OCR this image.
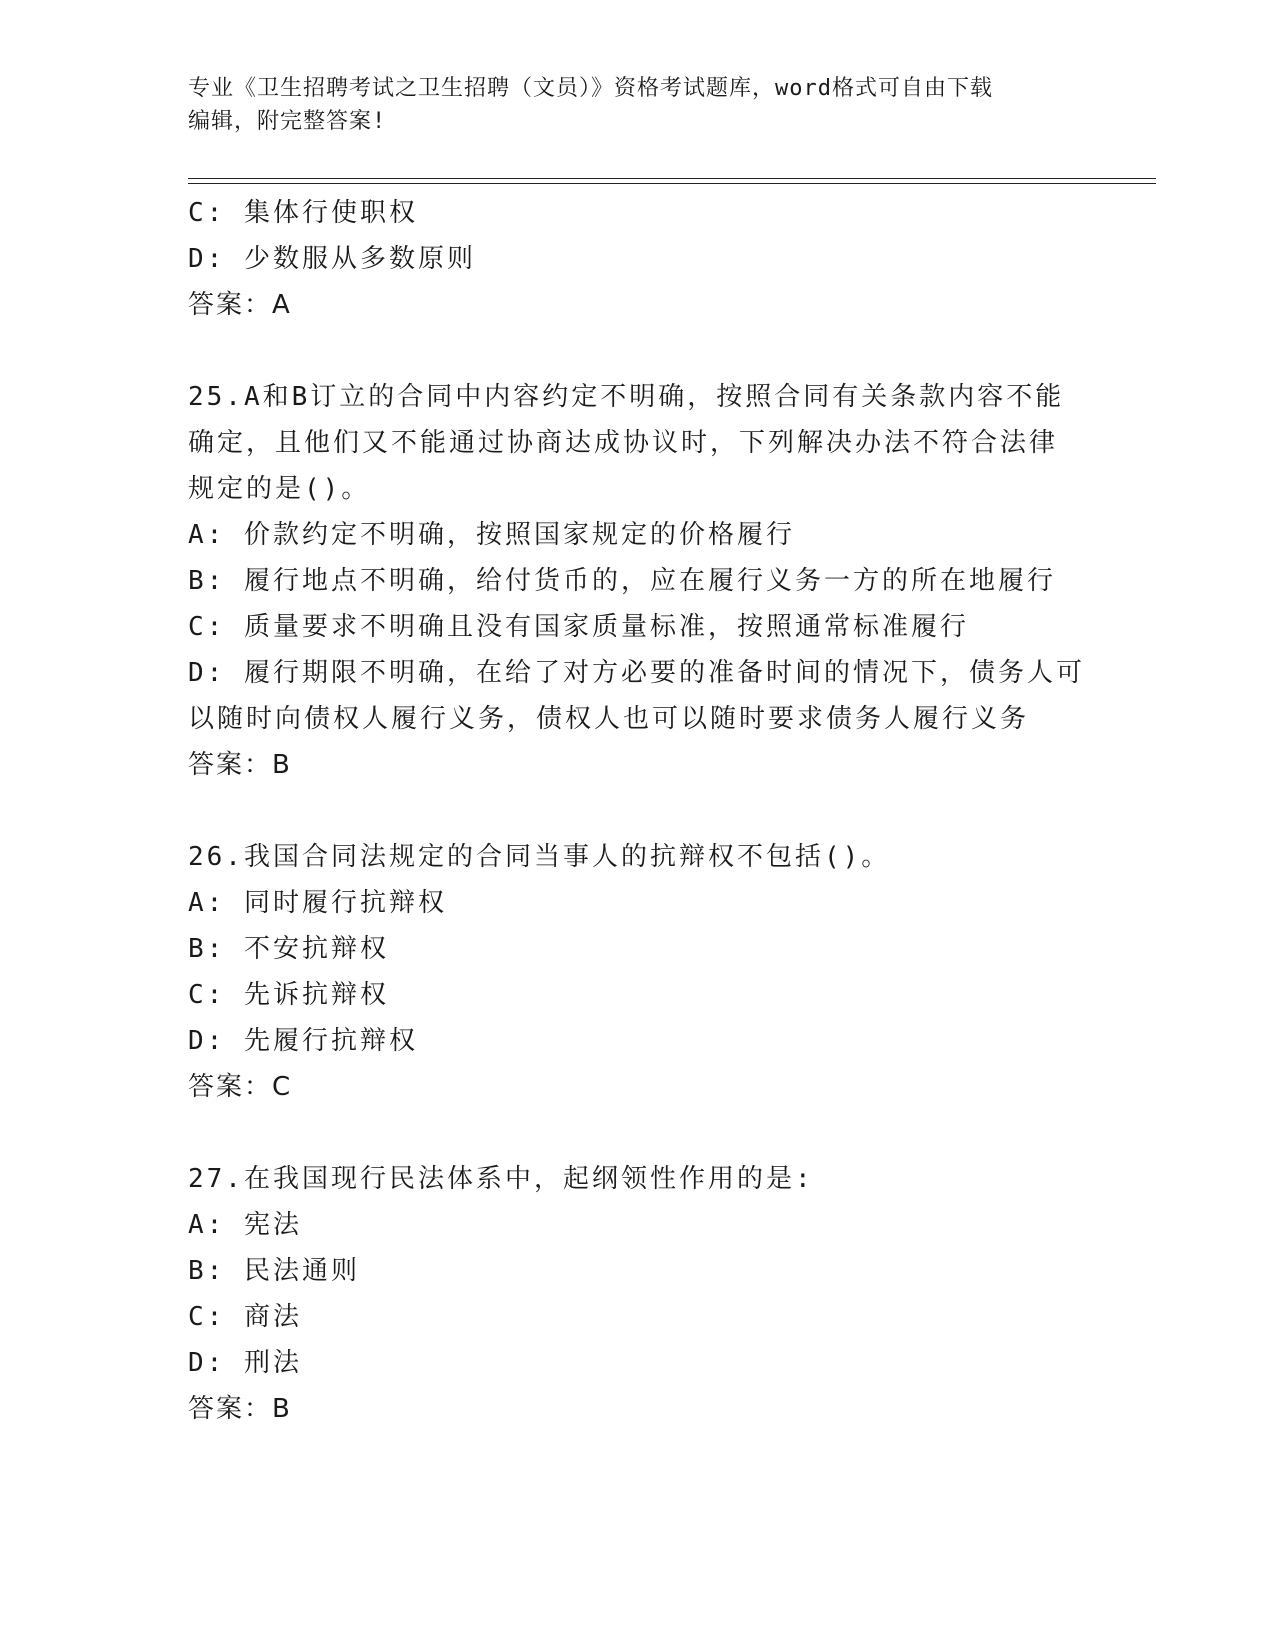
专业《卫生招聘考试之卫生招聘（文员）》资格考试题库，word格式可自由下载
编辑，附完整答案!
C: 集体行使职权
D: 少数服从多数原则
答案：A
25.A和B订立的合同中内容约定不明确，按照合同有关条款内容不能
确定，且他们又不能通过协商达成协议时，下列解决办法不符合法律
规定的是()。
A: 价款约定不明确，按照国家规定的价格履行
B: 履行地点不明确，给付货币的，应在履行义务一方的所在地履行
C: 质量要求不明确且没有国家质量标准，按照通常标准履行
D: 履行期限不明确，在给了对方必要的准备时间的情况下，债务人可
以随时向债权人履行义务，债权人也可以随时要求债务人履行义务
答案：B
26.我国合同法规定的合同当事人的抗辩权不包括()。
A: 同时履行抗辩权
B: 不安抗辩权
C: 先诉抗辩权
D: 先履行抗辩权
答案：C
27.在我国现行民法体系中，起纲领性作用的是:
A: 宪法
B: 民法通则
C: 商法
D: 刑法
答案：B
